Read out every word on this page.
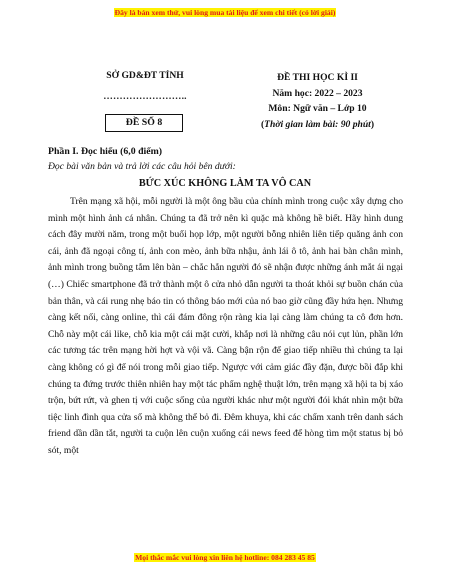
Đây là bản xem thử, vui lòng mua tài liệu để xem chi tiết (có lời giải)
SỞ GD&ĐT TỈNH
……………………..
ĐỀ SỐ 8
ĐỀ THI HỌC KÌ II
Năm học: 2022 – 2023
Môn: Ngữ văn – Lớp 10
(Thời gian làm bài: 90 phút)
Phần I. Đọc hiểu (6,0 điểm)
Đọc bài văn bản và trả lời các câu hỏi bên dưới:
BỨC XÚC KHÔNG LÀM TA VÔ CAN

Trên mạng xã hội, mỗi người là một ông bầu của chính mình trong cuộc xây dựng cho mình một hình ảnh cá nhân. Chúng ta đã trở nên kì quặc mà không hề biết. Hãy hình dung cách đây mười năm, trong một buổi họp lớp, một người bỗng nhiên liên tiếp quăng ảnh con cái, ảnh đã ngoại công tí, ảnh con mèo, ảnh bữa nhậu, ảnh lái ô tô, ảnh hai bàn chân mình, ảnh mình trong buồng tắm lên bàn – chắc hẳn người đó sẽ nhận được những ánh mắt ái ngại (…) Chiếc smartphone đã trở thành một ô cửa nhỏ dẫn người ta thoát khỏi sự buồn chán của bản thân, và cái rung nhẹ báo tin có thông báo mới của nó bao giờ cũng đầy hứa hẹn. Nhưng càng kết nối, càng online, thì cái đám đông rộn ràng kia lại càng làm chúng ta cô đơn hơn. Chỗ này một cái like, chỗ kia một cái mặt cười, khắp nơi là những câu nói cụt lủn, phần lớn các tương tác trên mạng hời hợt và vội vã. Càng bận rộn để giao tiếp nhiều thì chúng ta lại càng không có gì để nói trong mỗi giao tiếp. Ngược với cảm giác đầy đặn, được bồi đắp khi chúng ta đứng trước thiên nhiên hay một tác phẩm nghệ thuật lớn, trên mạng xã hội ta bị xáo trộn, bứt rứt, và ghen tị với cuộc sống của người khác như một người đói khát nhìn một bữa tiệc linh đình qua cửa sổ mà không thể bỏ đi. Đêm khuya, khi các chấm xanh trên danh sách friend dần dần tắt, người ta cuộn lên cuộn xuống cái news feed để hòng tìm một status bị bỏ sót, một

Mọi thắc mắc vui lòng xin liên hệ hotline: 084 283 45 85
